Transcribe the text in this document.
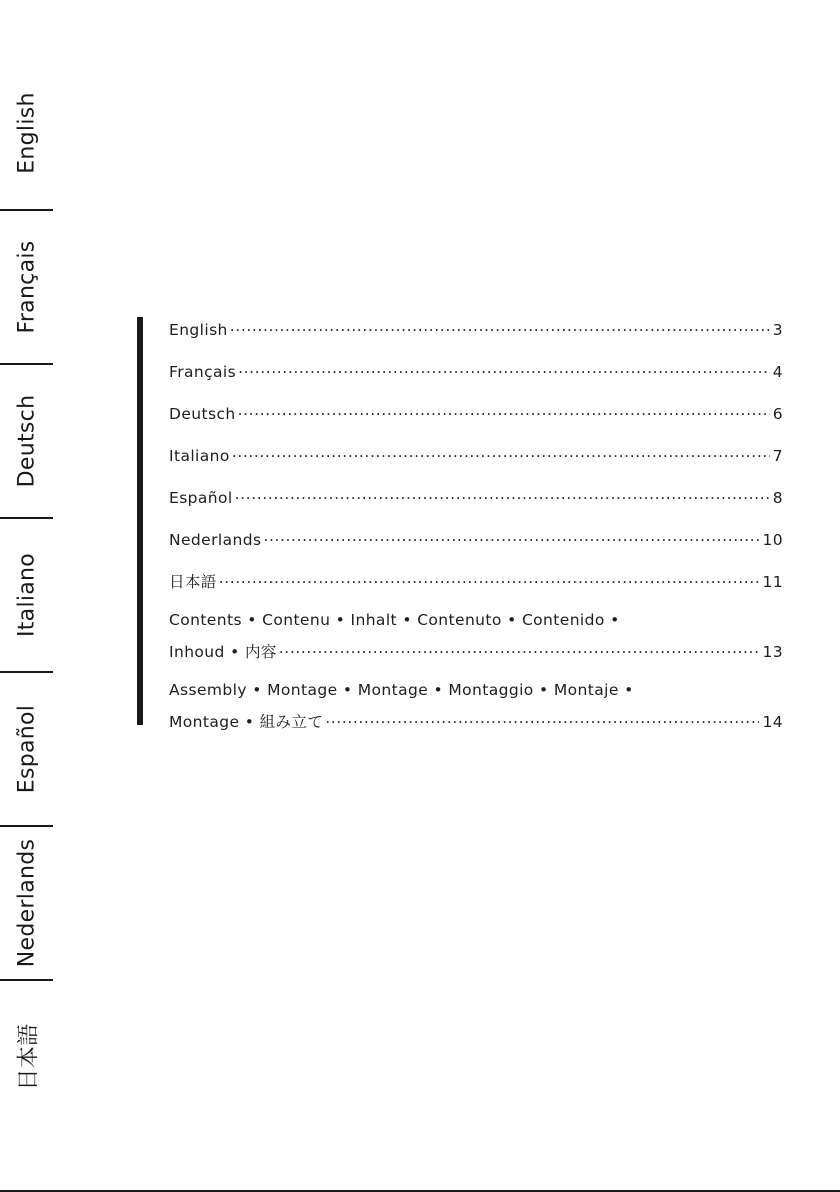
English
Français
Deutsch
Italiano
Español
Nederlands
日本語
English .....	3
Français .....	4
Deutsch .....	6
Italiano .....	7
Español .....	8
Nederlands .....	10
日本語 .....	11
Contents • Contenu • Inhalt • Contenuto • Contenido •
Inhoud • 内容 .....	13
Assembly • Montage • Montage • Montaggio • Montaje •
Montage • 組み立て .....	14
